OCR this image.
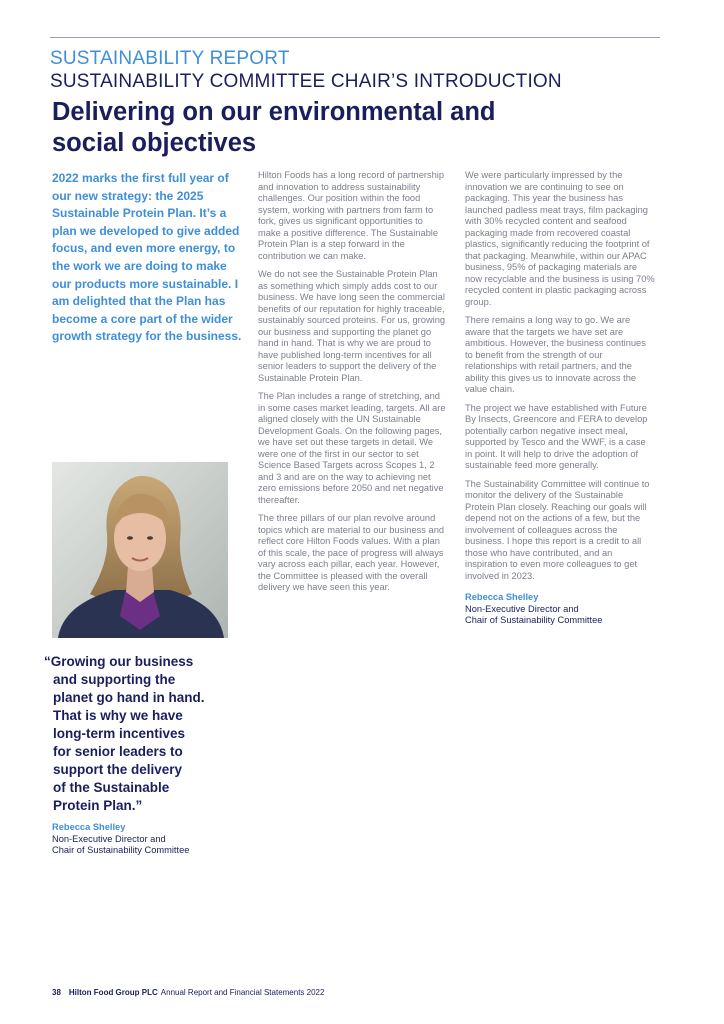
SUSTAINABILITY REPORT
SUSTAINABILITY COMMITTEE CHAIR’S INTRODUCTION
Delivering on our environmental and social objectives

2022 marks the first full year of our new strategy: the 2025 Sustainable Protein Plan. It’s a plan we developed to give added focus, and even more energy, to the work we are doing to make our products more sustainable. I am delighted that the Plan has become a core part of the wider growth strategy for the business.

“Growing our business
and supporting the
planet go hand in hand.
That is why we have
long-term incentives
for senior leaders to
support the delivery
of the Sustainable
Protein Plan.”
Rebecca Shelley
Non-Executive Director and
Chair of Sustainability Committee

Hilton Foods has a long record of partnership and innovation to address sustainability challenges. Our position within the food system, working with partners from farm to fork, gives us significant opportunities to make a positive difference. The Sustainable Protein Plan is a step forward in the contribution we can make.

We do not see the Sustainable Protein Plan as something which simply adds cost to our business. We have long seen the commercial benefits of our reputation for highly traceable, sustainably sourced proteins. For us, growing our business and supporting the planet go hand in hand. That is why we are proud to have published long-term incentives for all senior leaders to support the delivery of the Sustainable Protein Plan.

The Plan includes a range of stretching, and in some cases market leading, targets. All are aligned closely with the UN Sustainable Development Goals. On the following pages, we have set out these targets in detail. We were one of the first in our sector to set Science Based Targets across Scopes 1, 2 and 3 and are on the way to achieving net zero emissions before 2050 and net negative thereafter.

The three pillars of our plan revolve around topics which are material to our business and reflect core Hilton Foods values. With a plan of this scale, the pace of progress will always vary across each pillar, each year. However, the Committee is pleased with the overall delivery we have seen this year.

We were particularly impressed by the innovation we are continuing to see on packaging. This year the business has launched padless meat trays, film packaging with 30% recycled content and seafood packaging made from recovered coastal plastics, significantly reducing the footprint of that packaging. Meanwhile, within our APAC business, 95% of packaging materials are now recyclable and the business is using 70% recycled content in plastic packaging across group.

There remains a long way to go. We are aware that the targets we have set are ambitious. However, the business continues to benefit from the strength of our relationships with retail partners, and the ability this gives us to innovate across the value chain.

The project we have established with Future By Insects, Greencore and FERA to develop potentially carbon negative insect meal, supported by Tesco and the WWF, is a case in point. It will help to drive the adoption of sustainable feed more generally.

The Sustainability Committee will continue to monitor the delivery of the Sustainable Protein Plan closely. Reaching our goals will depend not on the actions of a few, but the involvement of colleagues across the business. I hope this report is a credit to all those who have contributed, and an inspiration to even more colleagues to get involved in 2023.

Rebecca Shelley
Non-Executive Director and
Chair of Sustainability Committee
38 Hilton Food Group PLC Annual Report and Financial Statements 2022
